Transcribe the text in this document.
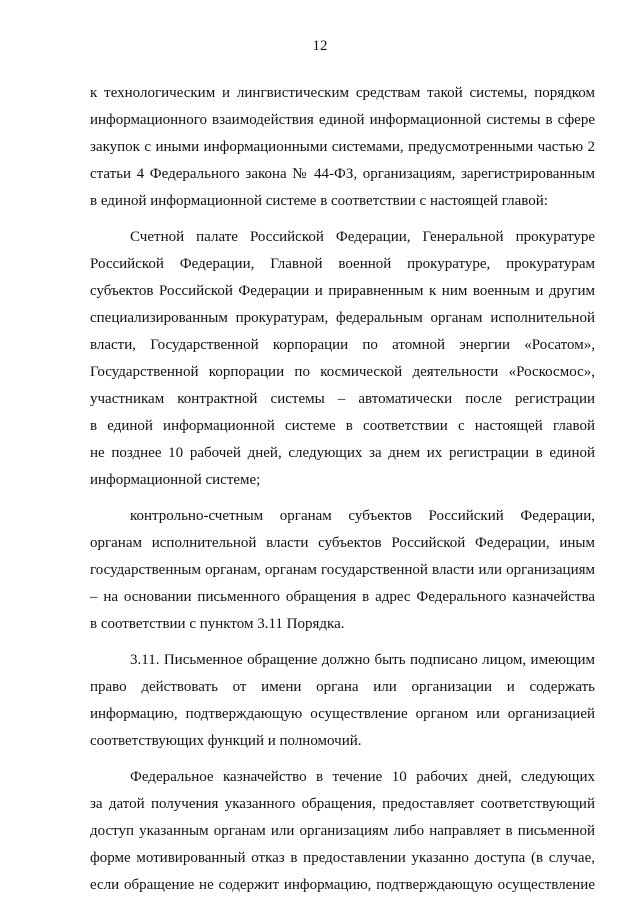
12
к технологическим и лингвистическим средствам такой системы, порядком
информационного взаимодействия единой информационной системы в сфере
закупок с иными информационными системами, предусмотренными частью 2
статьи 4 Федерального закона № 44-ФЗ, организациям, зарегистрированным
в единой информационной системе в соответствии с настоящей главой:
Счетной палате Российской Федерации, Генеральной прокуратуре
Российской Федерации, Главной военной прокуратуре, прокуратурам
субъектов Российской Федерации и приравненным к ним военным и другим
специализированным прокуратурам, федеральным органам исполнительной
власти, Государственной корпорации по атомной энергии «Росатом»,
Государственной корпорации по космической деятельности «Роскосмос»,
участникам контрактной системы – автоматически после регистрации
в единой информационной системе в соответствии с настоящей главой
не позднее 10 рабочей дней, следующих за днем их регистрации в единой
информационной системе;
контрольно-счетным органам субъектов Российский Федерации,
органам исполнительной власти субъектов Российской Федерации, иным
государственным органам, органам государственной власти или организациям
– на основании письменного обращения в адрес Федерального казначейства
в соответствии с пунктом 3.11 Порядка.
3.11. Письменное обращение должно быть подписано лицом, имеющим
право действовать от имени органа или организации и содержать
информацию, подтверждающую осуществление органом или организацией
соответствующих функций и полномочий.
Федеральное казначейство в течение 10 рабочих дней, следующих
за датой получения указанного обращения, предоставляет соответствующий
доступ указанным органам или организациям либо направляет в письменной
форме мотивированный отказ в предоставлении указанно доступа (в случае,
если обращение не содержит информацию, подтверждающую осуществление
